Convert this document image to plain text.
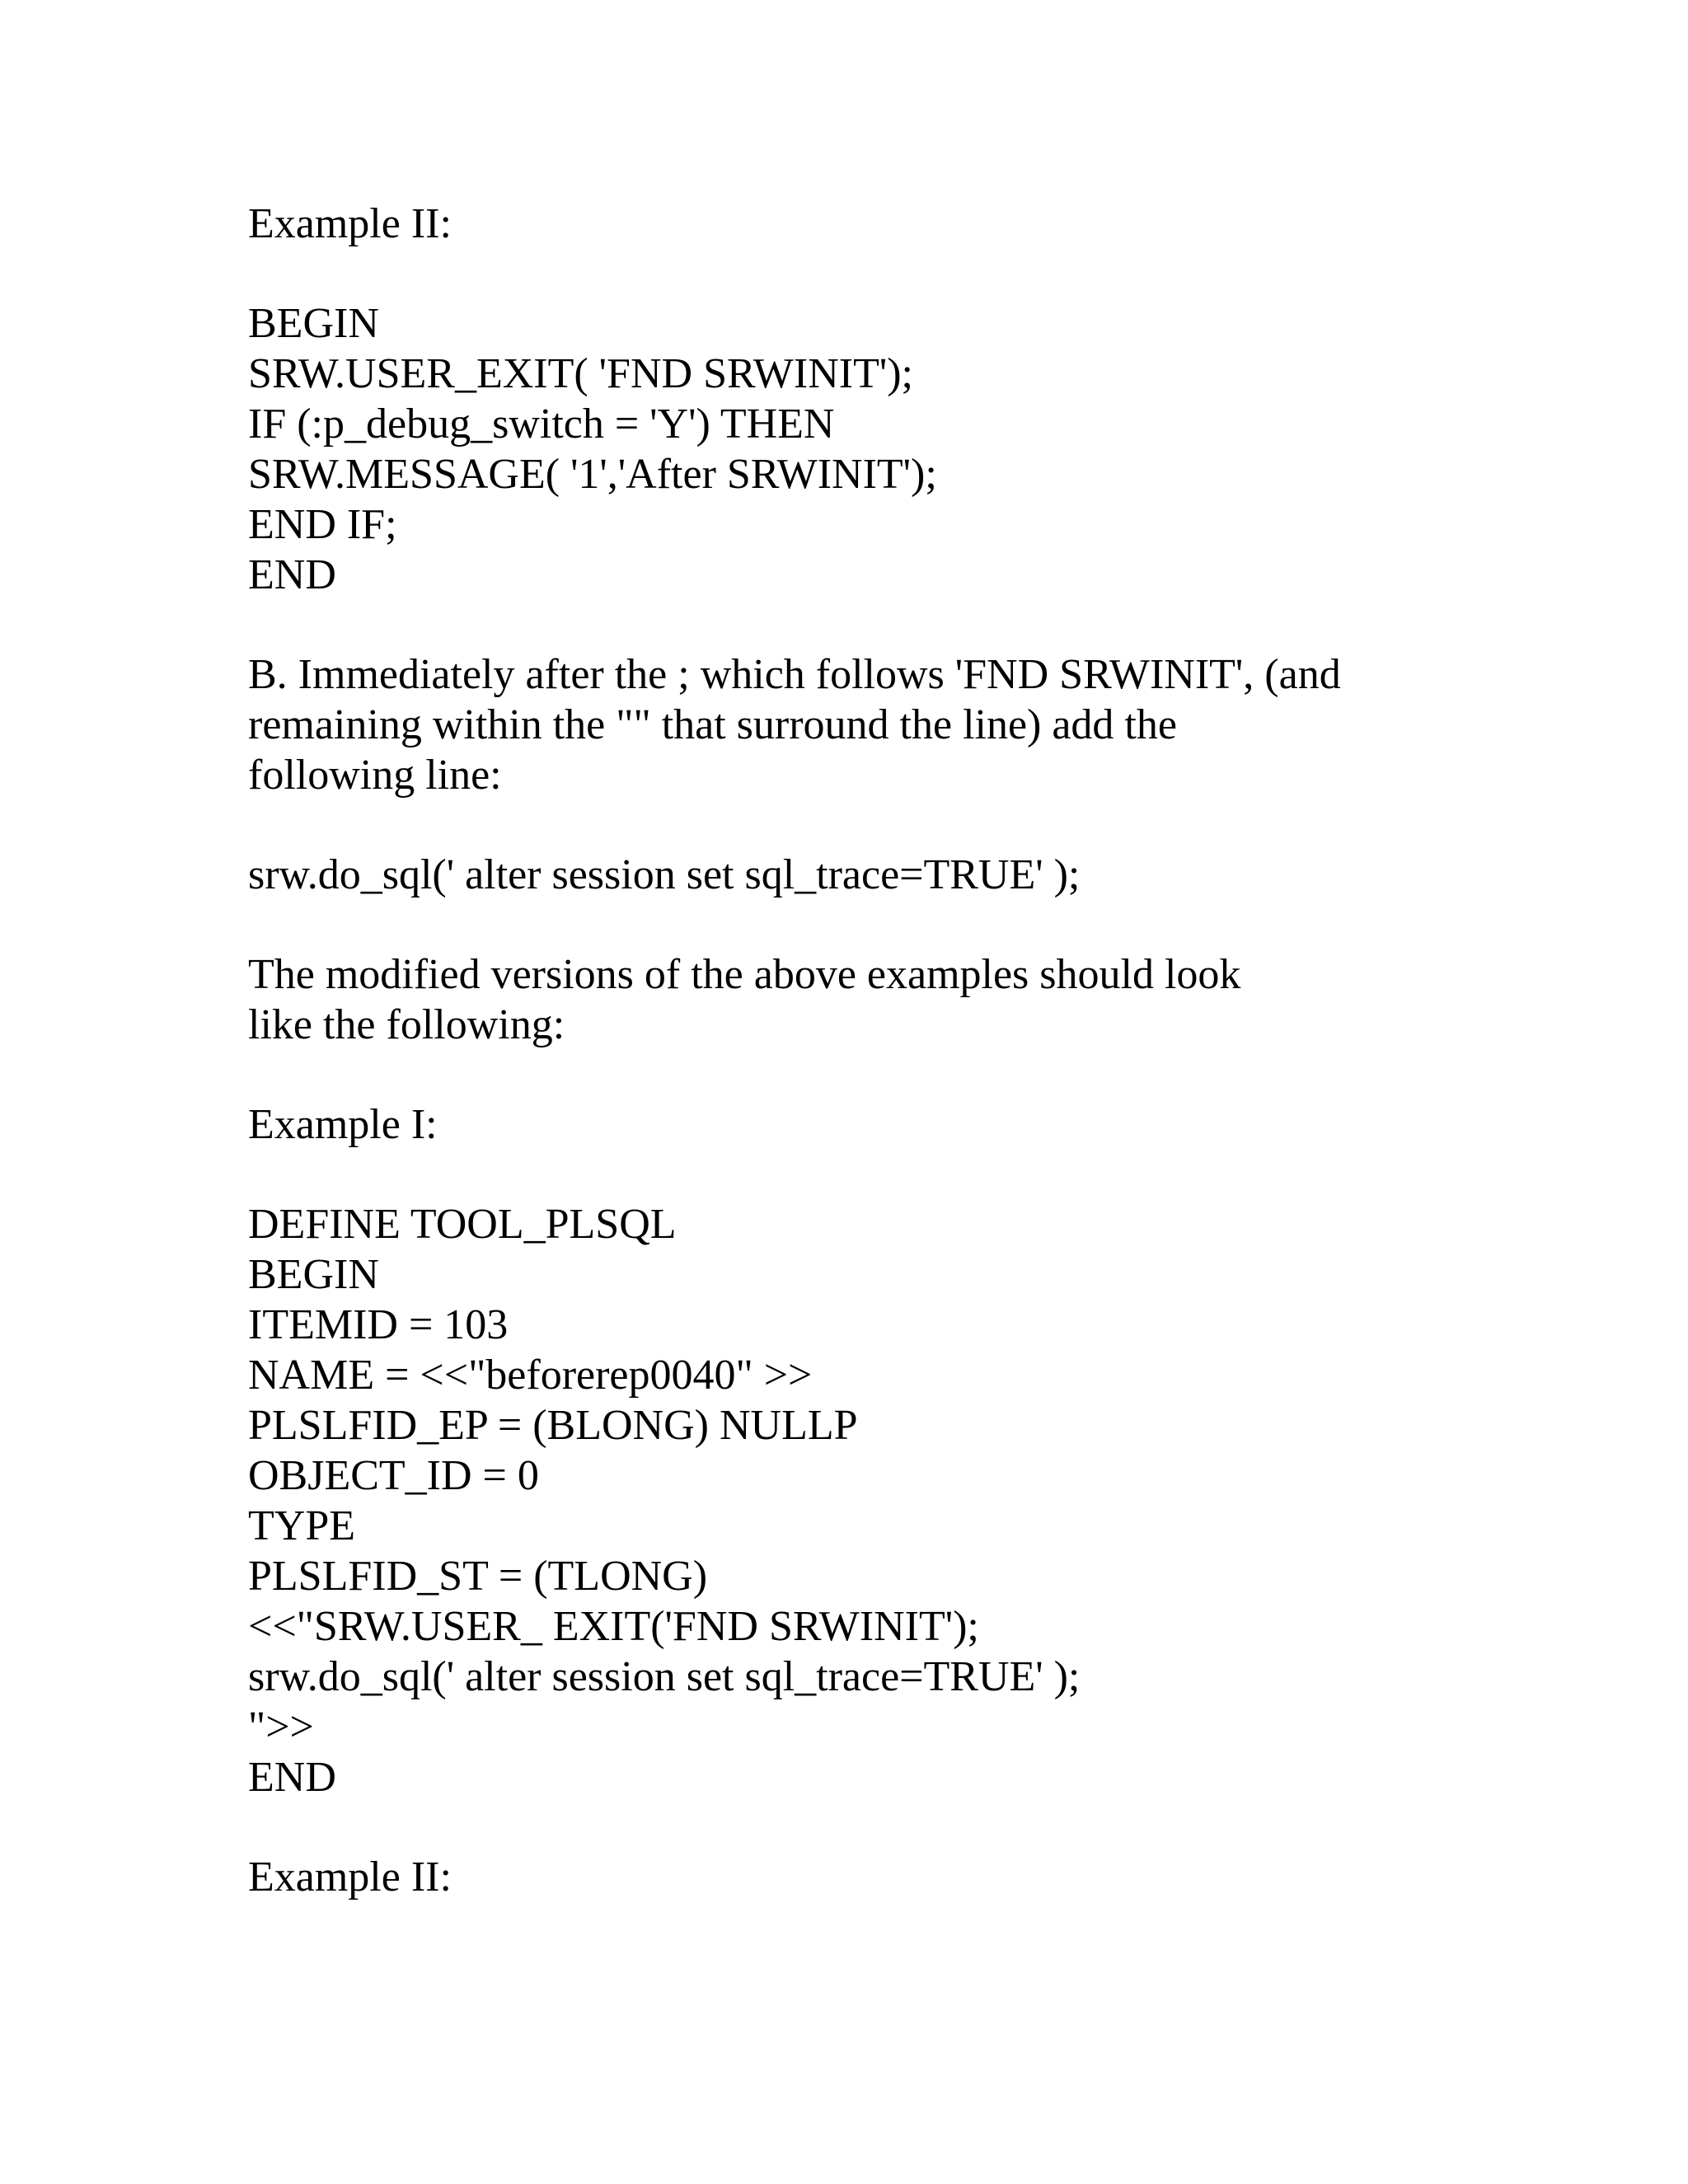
Example II:

BEGIN

SRW.USER_EXIT( 'FND SRWINIT');

IF (:p_debug_switch = 'Y') THEN

SRW.MESSAGE( '1','After SRWINIT');

END IF;

END

B. Immediately after the ; which follows 'FND SRWINIT', (and

remaining within the "" that surround the line) add the

following line:

srw.do_sql(' alter session set sql_trace=TRUE' );

The modified versions of the above examples should look

like the following:

Example I:

DEFINE TOOL_PLSQL

BEGIN

ITEMID = 103

NAME = <<"beforerep0040" >>

PLSLFID_EP = (BLONG) NULLP

OBJECT_ID = 0

TYPE

PLSLFID_ST = (TLONG)

<<"SRW.USER_ EXIT('FND SRWINIT');

srw.do_sql(' alter session set sql_trace=TRUE' );

">>

END

Example II:
